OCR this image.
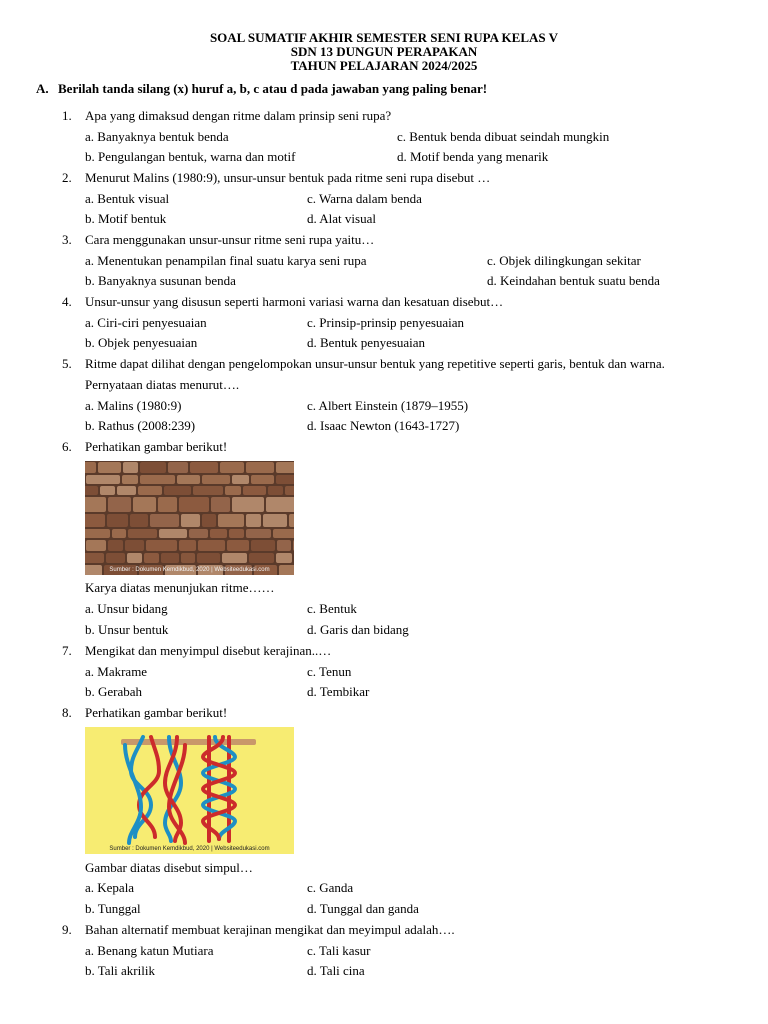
SOAL SUMATIF AKHIR SEMESTER SENI RUPA KELAS V
SDN 13 DUNGUN PERAPAKAN
TAHUN PELAJARAN 2024/2025
A. Berilah tanda silang (x) huruf a, b, c atau d pada jawaban yang paling benar!
1. Apa yang dimaksud dengan ritme dalam prinsip seni rupa?
a. Banyaknya bentuk benda	c. Bentuk benda dibuat seindah mungkin
b. Pengulangan bentuk, warna dan motif	d. Motif benda yang menarik
2. Menurut Malins (1980:9), unsur-unsur bentuk pada ritme seni rupa disebut …
a. Bentuk visual	c. Warna dalam benda
b. Motif bentuk	d. Alat visual
3. Cara menggunakan unsur-unsur ritme seni rupa yaitu…
a. Menentukan penampilan final suatu karya seni rupa	c. Objek dilingkungan sekitar
b. Banyaknya susunan benda	d. Keindahan bentuk suatu benda
4. Unsur-unsur yang disusun seperti harmoni variasi warna dan kesatuan disebut…
a. Ciri-ciri penyesuaian	c. Prinsip-prinsip penyesuaian
b. Objek penyesuaian	d. Bentuk penyesuaian
5. Ritme dapat dilihat dengan pengelompokan unsur-unsur bentuk yang repetitive seperti garis, bentuk dan warna.
Pernyataan diatas menurut….
a. Malins (1980:9)	c. Albert Einstein (1879–1955)
b. Rathus (2008:239)	d. Isaac Newton (1643-1727)
6. Perhatikan gambar berikut!
Sumber : Dokumen Kemdikbud, 2020 | Websiteedukasi.com
Karya diatas menunjukan ritme……
a. Unsur bidang	c. Bentuk
b. Unsur bentuk	d. Garis dan bidang
7. Mengikat dan menyimpul disebut kerajinan..…
a. Makrame	c. Tenun
b. Gerabah	d. Tembikar
8. Perhatikan gambar berikut!
Sumber : Dokumen Kemdikbud, 2020 | Websiteedukasi.com
Gambar diatas disebut simpul…
a. Kepala	c. Ganda
b. Tunggal	d. Tunggal dan ganda
9. Bahan alternatif membuat kerajinan mengikat dan meyimpul adalah….
a. Benang katun Mutiara	c. Tali kasur
b. Tali akrilik	d. Tali cina
